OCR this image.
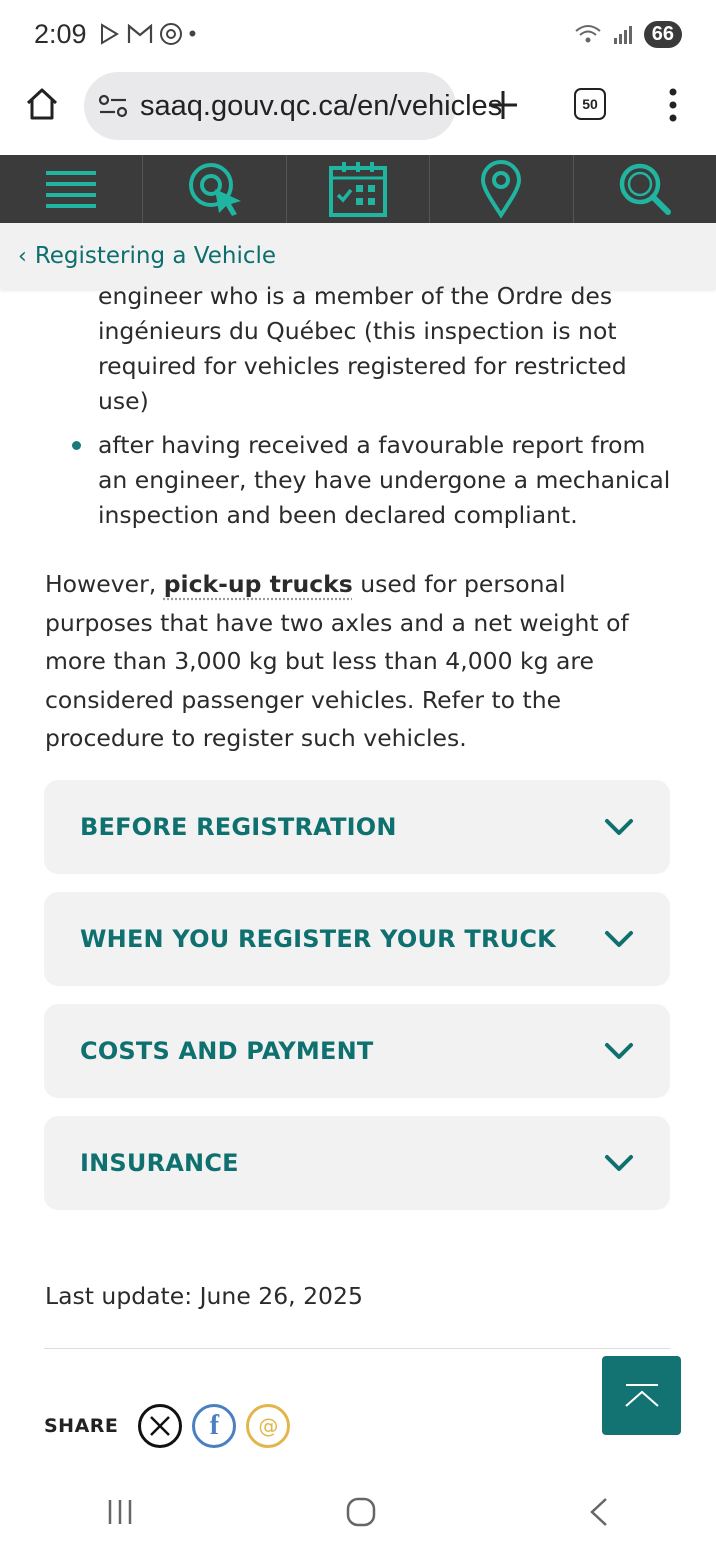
2:09	•	66
saaq.gouv.qc.ca/en/vehicles	50
‹ Registering a Vehicle
engineer who is a member of the Ordre des
ingénieurs du Québec (this inspection is not
required for vehicles registered for restricted
use)
after having received a favourable report from
an engineer, they have undergone a mechanical
inspection and been declared compliant.
However, pick-up trucks used for personal
purposes that have two axles and a net weight of
more than 3,000 kg but less than 4,000 kg are
considered passenger vehicles. Refer to the
procedure to register such vehicles.
BEFORE REGISTRATION
WHEN YOU REGISTER YOUR TRUCK
COSTS AND PAYMENT
INSURANCE
Last update: June 26, 2025
SHARE	f @
